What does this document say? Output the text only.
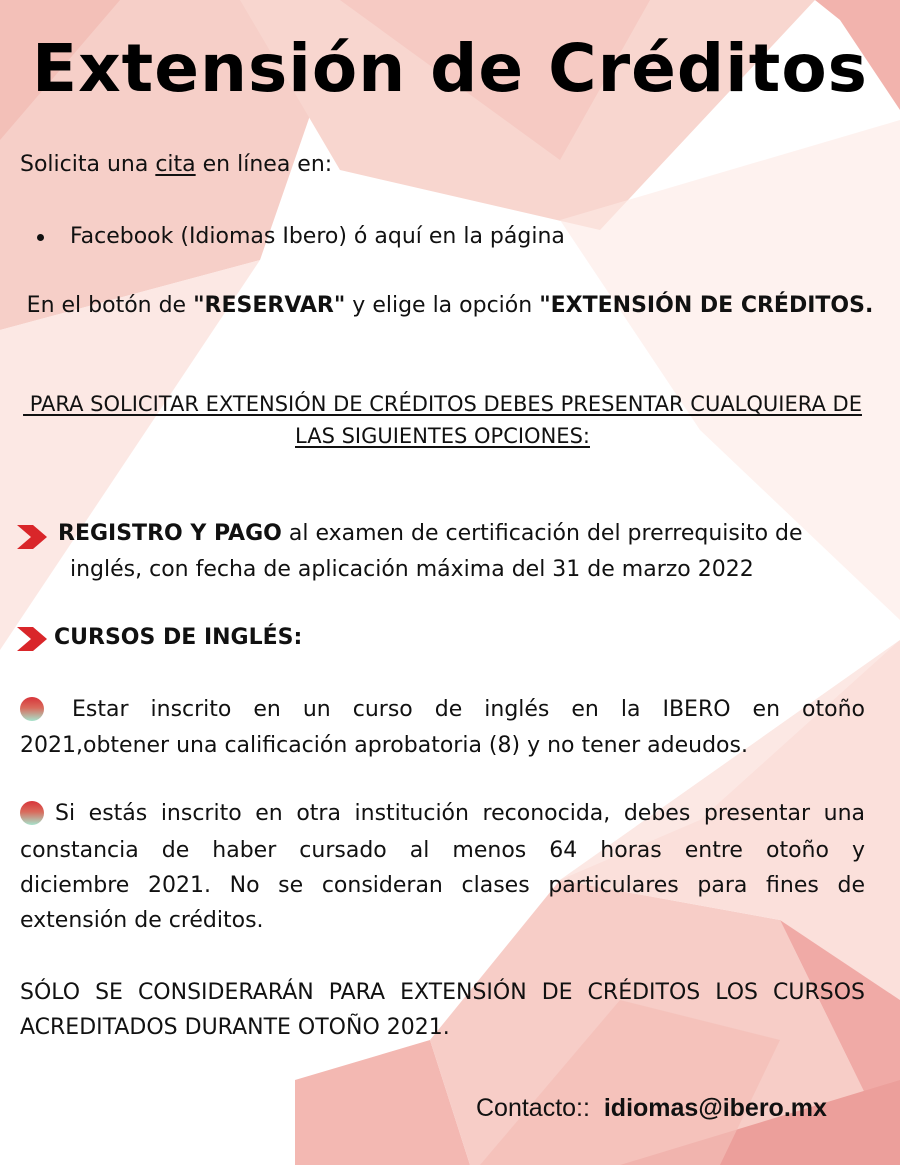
Extensión de Créditos
Solicita una cita en línea en:
Facebook (Idiomas Ibero) ó aquí en la página
En el botón de "RESERVAR" y elige la opción "EXTENSIÓN DE CRÉDITOS.
PARA SOLICITAR EXTENSIÓN DE CRÉDITOS DEBES PRESENTAR CUALQUIERA DE
LAS SIGUIENTES OPCIONES:
REGISTRO Y PAGO al examen de certificación del prerrequisito de
inglés, con fecha de aplicación máxima del 31 de marzo 2022
CURSOS DE INGLÉS:
Estar inscrito en un curso de inglés en la IBERO en otoño
2021,obtener una calificación aprobatoria (8) y no tener adeudos.
Si estás inscrito en otra institución reconocida, debes presentar una
constancia de haber cursado al menos 64 horas entre otoño y
diciembre 2021. No se consideran clases particulares para fines de
extensión de créditos.
SÓLO SE CONSIDERARÁN PARA EXTENSIÓN DE CRÉDITOS LOS CURSOS
ACREDITADOS DURANTE OTOÑO 2021.
Contacto:: idiomas@ibero.mx
